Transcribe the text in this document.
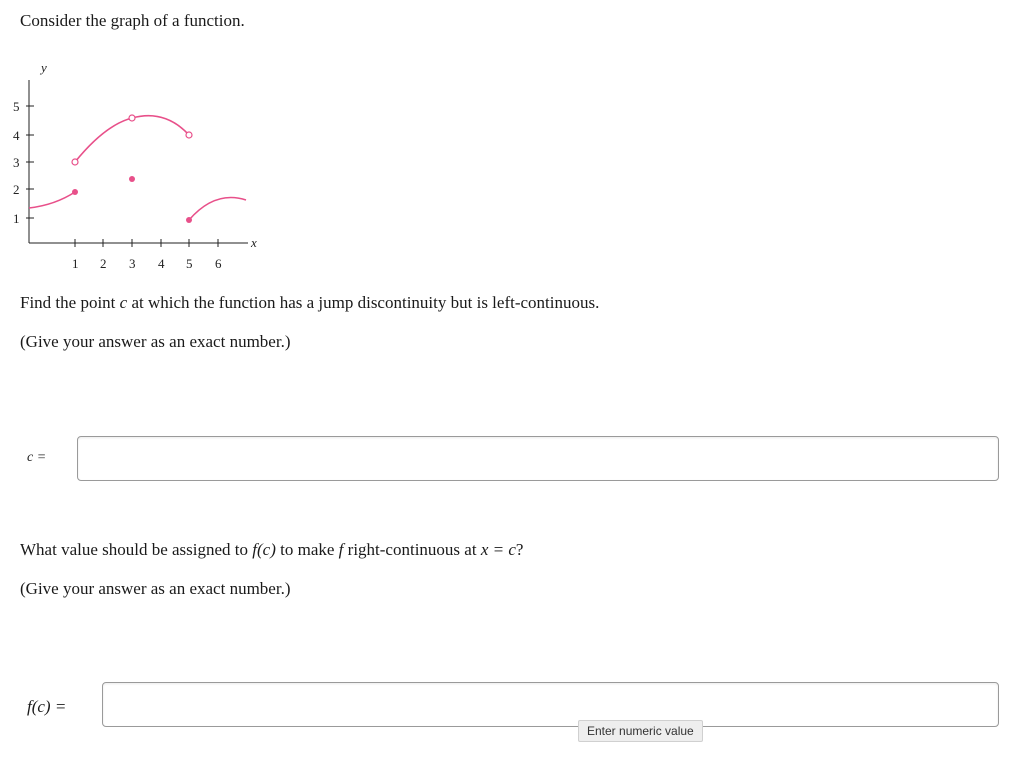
Consider the graph of a function.
y
x
1
2
3
4
5
1 2 3 4 5 6
Find the point c at which the function has a jump discontinuity but is left-continuous.
(Give your answer as an exact number.)
c =
What value should be assigned to f(c) to make f right-continuous at x = c?
(Give your answer as an exact number.)
f(c) =
Enter numeric value
